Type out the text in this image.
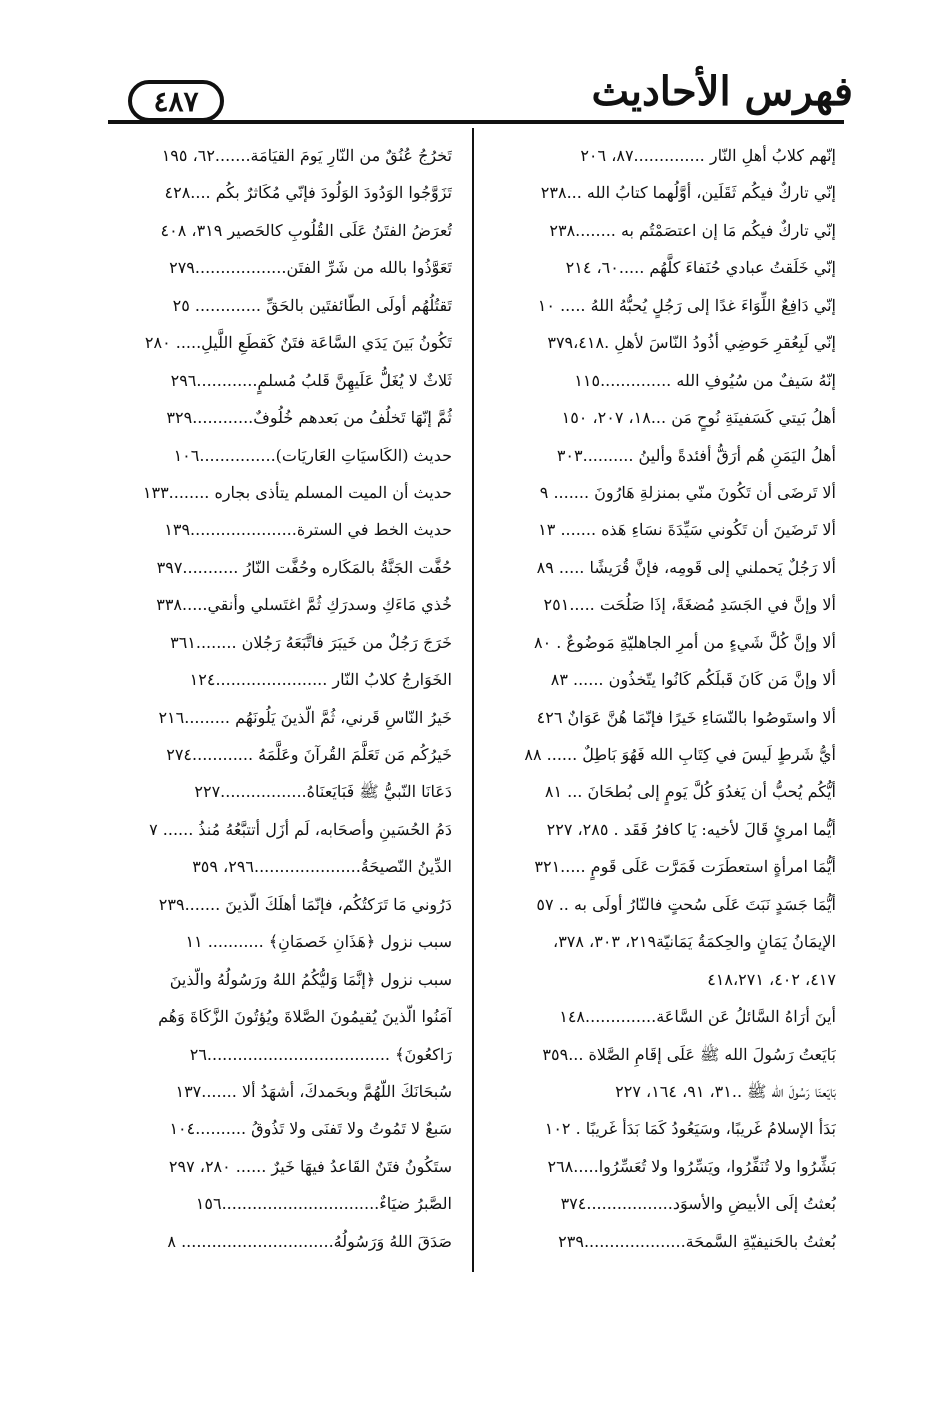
فهرس الأحاديث
٤٨٧
إنّهم كلابُ أهلِ النّار ..............٨٧، ٢٠٦
إنّي تاركٌ فيكُم ثَقَلَين، أوَّلُهما كتابُ الله ...٢٣٨
إنّي تاركٌ فيكُم مَا إن اعتصَمْتُم به ........٢٣٨
إنّي خَلَقتُ عبادي حُنَفاءَ كلَّهُم .....٦٠، ٢١٤
إنّي دَافِعٌ اللِّوَاءَ غدًا إلى رَجُلٍ يُحبُّهُ اللهُ ..... ١٠
إنّي لَبِعُقرِ حَوضِي أذُودُ النّاسَ لأهلِ .٣٧٩،٤١٨
إنّهُ سَيفٌ من سُيُوفِ الله ..............١١٥
أهلُ بَيتي كَسَفينَةِ نُوحٍ مَن ...١٨، ٢٠٧، ١٥٠
أهلُ اليَمَنِ هُم أرَقُّ أفئدةً وألينُ ..........٣٠٣
ألا تَرضَى أن تَكُونَ منّي بمنزلةِ هَارُونَ ....... ٩
ألا تَرضَينَ أن تَكُوني سَيِّدَةَ نسَاءِ هَذه ....... ١٣
ألا رَجُلٌ يَحملني إلى قَومِه، فإنَّ قُرَيشًا ..... ٨٩
ألا وإنَّ في الجَسَدِ مُضغَةً، إذَا صَلُحَت .....٢٥١
ألا وإنَّ كُلَّ شَيءٍ من أمرِ الجاهليّةِ مَوضُوعٌ . ٨٠
ألا وإنَّ مَن كَانَ قَبلَكُم كَانُوا يتّخذُون ...... ٨٣
ألا واستَوصُوا بالنّسَاءِ خَيرًا فإنّمَا هُنَّ عَوَانٌ ٤٢٦
أيُّ شَرطٍ لَيسَ في كِتَابِ الله فَهُوَ بَاطِلٌ ...... ٨٨
أيُّكُم يُحبُّ أن يَغدُوَ كُلَّ يَومٍ إلى بُطحَانَ ... ٨١
أيُّما امرئٍ قَالَ لأخيه: يَا كافرُ فَقَد . ٢٨٥، ٢٢٧
أيُّمَا امرأةٍ استعطَرَت فَمَرَّت عَلَى قَومٍ .....٣٢١
أيُّمَا جَسَدٍ نَبَتَ عَلَى سُحتٍ فالنّارُ أولَى به .. ٥٧
الإيمَانُ يَمَانٍ والحِكمَةُ يَمَانيّة٢١٩، ٣٠٣، ٣٧٨،
٤١٧، ٤٠٢، ٤١٨،٢٧١
أينَ أرَاهُ السَّائلُ عَن السَّاعَة..............١٤٨
بَايَعتُ رَسُولَ الله ﷺ عَلَى إقَامِ الصَّلاة ...٣٥٩
بَايَعنَا رَسُولَ الله ﷺ ..٣١، ٩١، ١٦٤، ٢٢٧
بَدَأ الإسلامُ غَريبًا، وسَيَعُودُ كَمَا بَدَأ غَريبًا . ١٠٢
بَشِّرُوا ولا تُنَفِّرُوا، ويَسِّرُوا ولا تُعَسِّرُوا.....٢٦٨
بُعثتُ إلَى الأبيضِ والأسوَد.................٣٧٤
بُعثتُ بالحَنيفيّةِ السَّمحَة....................٢٣٩
تَخرُجُ عُنُقٌ من النّارِ يَومَ القيَامَة.......٦٢، ١٩٥
تَزَوَّجُوا الوَدُودَ الوَلُودَ فإنّي مُكَاثرٌ بكُم ....٤٢٨
تُعرَضُ الفتَنُ عَلَى القُلُوبِ كالحَصير ٣١٩، ٤٠٨
تَعَوَّذُوا بالله من شَرِّ الفتَن..................٢٧٩
تَقتُلُهُم أولَى الطّائفتَين بالحَقِّ ............. ٢٥
تَكُونُ بَينَ يَدَي السَّاعَة فتَنٌ كَقطَعِ اللَّيلِ..... ٢٨٠
ثَلاثٌ لا يُغَلُّ عَلَيهِنَّ قَلبُ مُسلمٍ............٢٩٦
ثُمَّ إنّهَا تَخلُفُ من بَعدهم خُلُوفٌ............٣٢٩
حديث (الكَاسيَاتِ العَاريَات)...............١٠٦
حديث أن الميت المسلم يتأذى بجاره ........١٣٣
حديث الخط في السترة.....................١٣٩
حُفَّت الجَنَّةُ بالمَكَاره وحُفَّت النّارُ ...........٣٩٧
خُذي مَاءَكِ وسدرَكِ ثُمَّ اغتَسلي وأنقي.....٣٣٨
خَرَجَ رَجُلٌ من خَيبَرَ فاتَّبَعَهُ رَجُلان ........٣٦١
الخَوَارجُ كلابُ النّار ......................١٢٤
خَيرُ النّاسِ قَرني، ثُمَّ الّذينَ يَلُونَهُم .........٢١٦
خَيرُكُم مَن تَعَلَّمَ القُرآنَ وعَلَّمَهُ ............٢٧٤
دَعَانَا النّبيُّ ﷺ فَبَايَعنَاهُ.................٢٢٧
دَمُ الحُسَينِ وأصحَابه، لَم أزَل أتتبَّعُهُ مُنذُ ...... ٧
الدِّينُ النّصيحَةُ.....................٢٩٦، ٣٥٩
دَرُوني مَا تَرَكتُكُم، فإنّمَا أهلَكَ الّذينَ .......٢٣٩
سبب نزول ﴿هَذَانِ خَصمَانِ﴾ ........... ١١
سبب نزول ﴿إنَّمَا وَليُّكُمُ اللهُ ورَسُولُهُ والّذينَ
آمَنُوا الّذينَ يُقيمُونَ الصَّلاةَ ويُؤتُونَ الزَّكَاةَ وَهُم
رَاكعُونَ﴾ ....................................٢٦
سُبحَانَكَ اللّهُمَّ وبحَمدكَ، أشهَدُ ألا .......١٣٧
سَبعٌ لا تَمُوتُ ولا تَفنَى ولا تَذُوقُ ..........١٠٤
ستَكُونُ فتَنٌ القَاعدُ فيهَا خَيرٌ ...... ٢٨٠، ٢٩٧
الصَّبرُ ضيَاءٌ...............................١٥٦
صَدَقَ اللهُ وَرَسُولُهُ.............................. ٨
